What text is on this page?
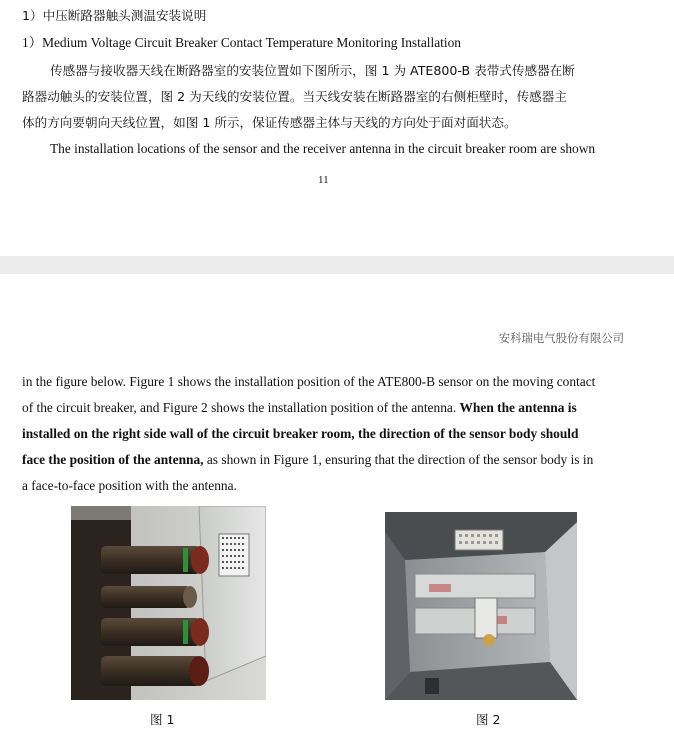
1）中压断路器触头测温安装说明
1）Medium Voltage Circuit Breaker Contact Temperature Monitoring Installation
传感器与接收器天线在断路器室的安装位置如下图所示，图 1 为 ATE800-B 表带式传感器在断
路器动触头的安装位置，图 2 为天线的安装位置。当天线安装在断路器室的右侧柜壁时，传感器主
体的方向要朝向天线位置，如图 1 所示，保证传感器主体与天线的方向处于面对面状态。
The installation locations of the sensor and the receiver antenna in the circuit breaker room are shown
11
安科瑞电气股份有限公司
in the figure below. Figure 1 shows the installation position of the ATE800-B sensor on the moving contact
of the circuit breaker, and Figure 2 shows the installation position of the antenna. When the antenna is
installed on the right side wall of the circuit breaker room, the direction of the sensor body should
face the position of the antenna, as shown in Figure 1, ensuring that the direction of the sensor body is in
a face-to-face position with the antenna.
图 1	图 2
